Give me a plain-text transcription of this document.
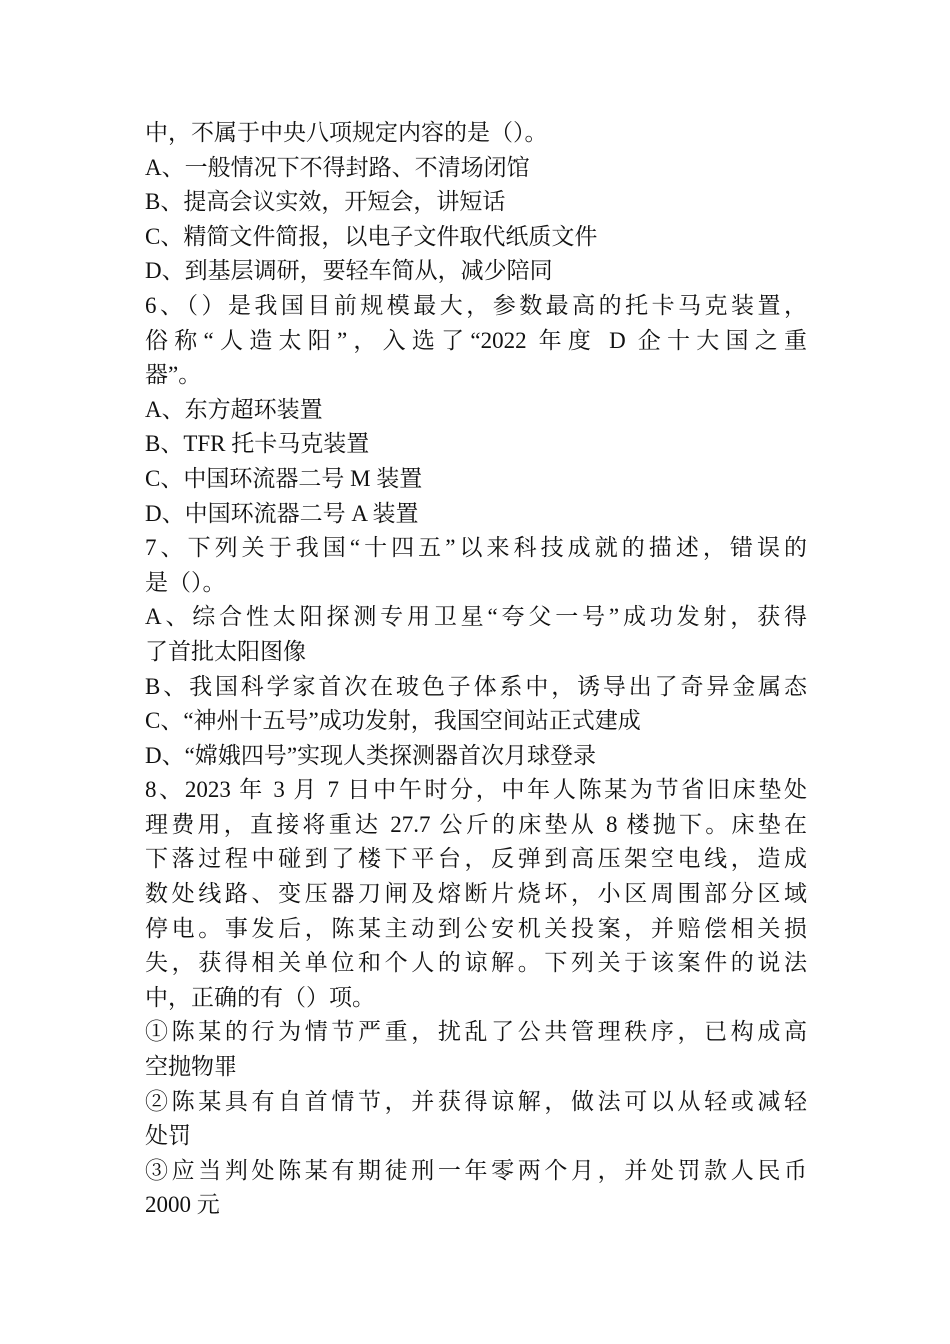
中，不属于中央八项规定内容的是（）。
A、一般情况下不得封路、不清场闭馆
B、提高会议实效，开短会，讲短话
C、精简文件简报，以电子文件取代纸质文件
D、到基层调研，要轻车简从，减少陪同
6、（）是我国目前规模最大，参数最高的托卡马克装置，
俗称“人造太阳”，入选了“2022 年度 D 企十大国之重
器”。
A、东方超环装置
B、TFR 托卡马克装置
C、中国环流器二号 M 装置
D、中国环流器二号 A 装置
7、下列关于我国“十四五”以来科技成就的描述，错误的
是（）。
A、综合性太阳探测专用卫星“夸父一号”成功发射，获得
了首批太阳图像
B、我国科学家首次在玻色子体系中，诱导出了奇异金属态
C、“神州十五号”成功发射，我国空间站正式建成
D、“嫦娥四号”实现人类探测器首次月球登录
8、2023 年 3 月 7 日中午时分，中年人陈某为节省旧床垫处
理费用，直接将重达 27.7 公斤的床垫从 8 楼抛下。床垫在
下落过程中碰到了楼下平台，反弹到高压架空电线，造成
数处线路、变压器刀闸及熔断片烧坏，小区周围部分区域
停电。事发后，陈某主动到公安机关投案，并赔偿相关损
失，获得相关单位和个人的谅解。下列关于该案件的说法
中，正确的有（）项。
①陈某的行为情节严重，扰乱了公共管理秩序，已构成高
空抛物罪
②陈某具有自首情节，并获得谅解，做法可以从轻或减轻
处罚
③应当判处陈某有期徒刑一年零两个月，并处罚款人民币
2000 元
